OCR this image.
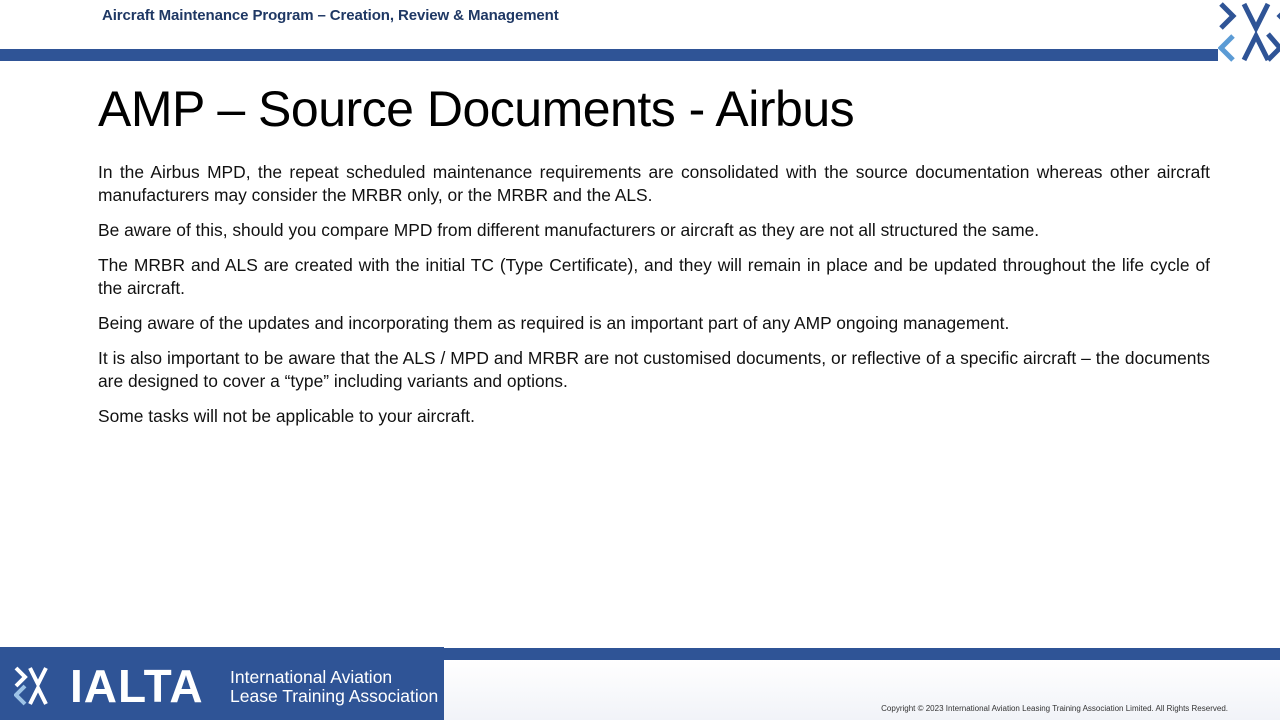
Aircraft Maintenance Program – Creation, Review & Management
AMP – Source Documents - Airbus

In the Airbus MPD, the repeat scheduled maintenance requirements are consolidated with the source documentation whereas other aircraft manufacturers may consider the MRBR only, or the MRBR and the ALS.

Be aware of this, should you compare MPD from different manufacturers or aircraft as they are not all structured the same.

The MRBR and ALS are created with the initial TC (Type Certificate), and they will remain in place and be updated throughout the life cycle of the aircraft.

Being aware of the updates and incorporating them as required is an important part of any AMP ongoing management.

It is also important to be aware that the ALS / MPD and MRBR are not customised documents, or reflective of a specific aircraft – the documents are designed to cover a “type” including variants and options.

Some tasks will not be applicable to your aircraft.

IALTA International Aviation
Lease Training Association
Copyright © 2023 International Aviation Leasing Training Association Limited. All Rights Reserved.
